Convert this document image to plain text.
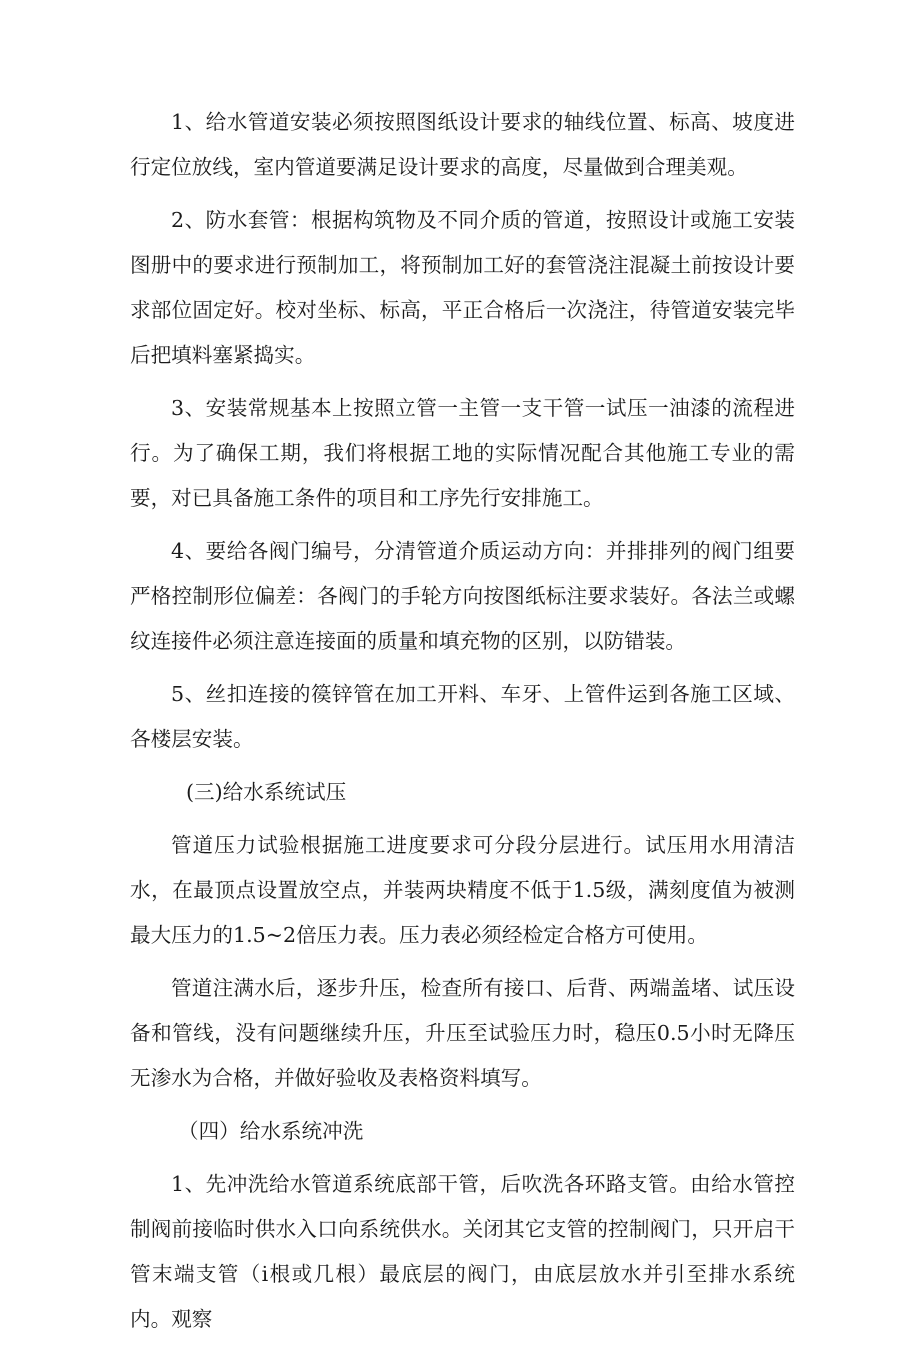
1、给水管道安装必须按照图纸设计要求的轴线位置、标高、坡度进行定位放线，室内管道要满足设计要求的高度，尽量做到合理美观。

2、防水套管：根据构筑物及不同介质的管道，按照设计或施工安装图册中的要求进行预制加工，将预制加工好的套管浇注混凝土前按设计要求部位固定好。校对坐标、标高，平正合格后一次浇注，待管道安装完毕后把填料塞紧捣实。

3、安装常规基本上按照立管一主管一支干管一试压一油漆的流程进行。为了确保工期，我们将根据工地的实际情况配合其他施工专业的需要，对已具备施工条件的项目和工序先行安排施工。

4、要给各阀门编号，分清管道介质运动方向：并排排列的阀门组要严格控制形位偏差：各阀门的手轮方向按图纸标注要求装好。各法兰或螺纹连接件必须注意连接面的质量和填充物的区别，以防错装。

5、丝扣连接的篌锌管在加工开料、车牙、上管件运到各施工区域、各楼层安装。

(三)给水系统试压

管道压力试验根据施工进度要求可分段分层进行。试压用水用清洁水，在最顶点设置放空点，并装两块精度不低于1.5级，满刻度值为被测最大压力的1.5~2倍压力表。压力表必须经检定合格方可使用。

管道注满水后，逐步升压，检查所有接口、后背、两端盖堵、试压设备和管线，没有问题继续升压，升压至试验压力时，稳压0.5小时无降压无渗水为合格，并做好验收及表格资料填写。

（四）给水系统冲洗

1、先冲洗给水管道系统底部干管，后吹洗各环路支管。由给水管控制阀前接临时供水入口向系统供水。关闭其它支管的控制阀门，只开启干管末端支管（i根或几根）最底层的阀门，由底层放水并引至排水系统内。观察
